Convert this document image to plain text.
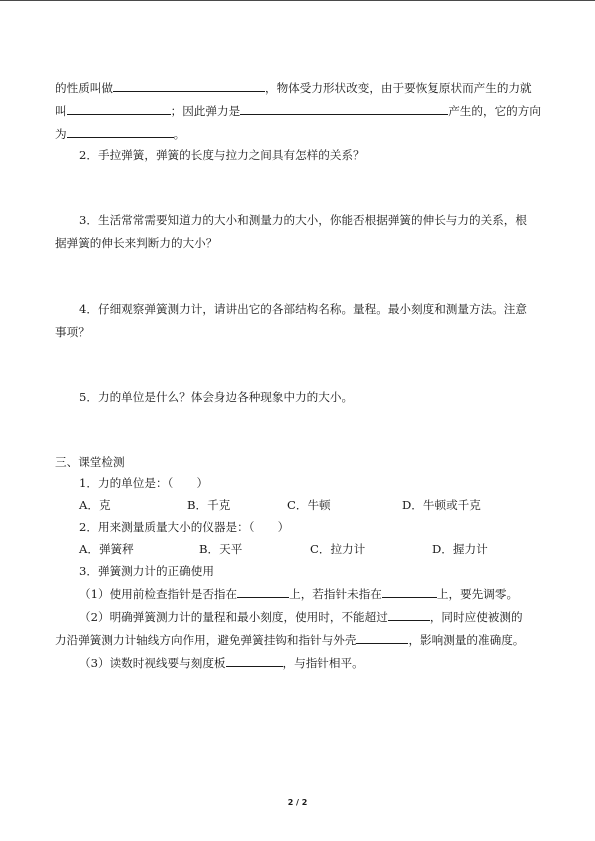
的性质叫做	，物体受力形状改变，由于要恢复原状而产生的力就
叫	；因此弹力是	产生的，它的方向
为	。
2．手拉弹簧，弹簧的长度与拉力之间具有怎样的关系？
3．生活常常需要知道力的大小和测量力的大小，你能否根据弹簧的伸长与力的关系，根
据弹簧的伸长来判断力的大小？
4．仔细观察弹簧测力计，请讲出它的各部结构名称。量程。最小刻度和测量方法。注意
事项？
5．力的单位是什么？体会身边各种现象中力的大小。
三、课堂检测
1．力的单位是：（　　）
A．克	B．千克	C．牛顿	D．牛顿或千克
2．用来测量质量大小的仪器是：（　　）
A．弹簧秤	B．天平	C．拉力计	D．握力计
3．弹簧测力计的正确使用
（1）使用前检查指针是否指在	上，若指针未指在	上，要先调零。
（2）明确弹簧测力计的量程和最小刻度，使用时，不能超过	，同时应使被测的
力沿弹簧测力计轴线方向作用，避免弹簧挂钩和指针与外壳	，影响测量的准确度。
（3）读数时视线要与刻度板	，与指针相平。
2 / 2
